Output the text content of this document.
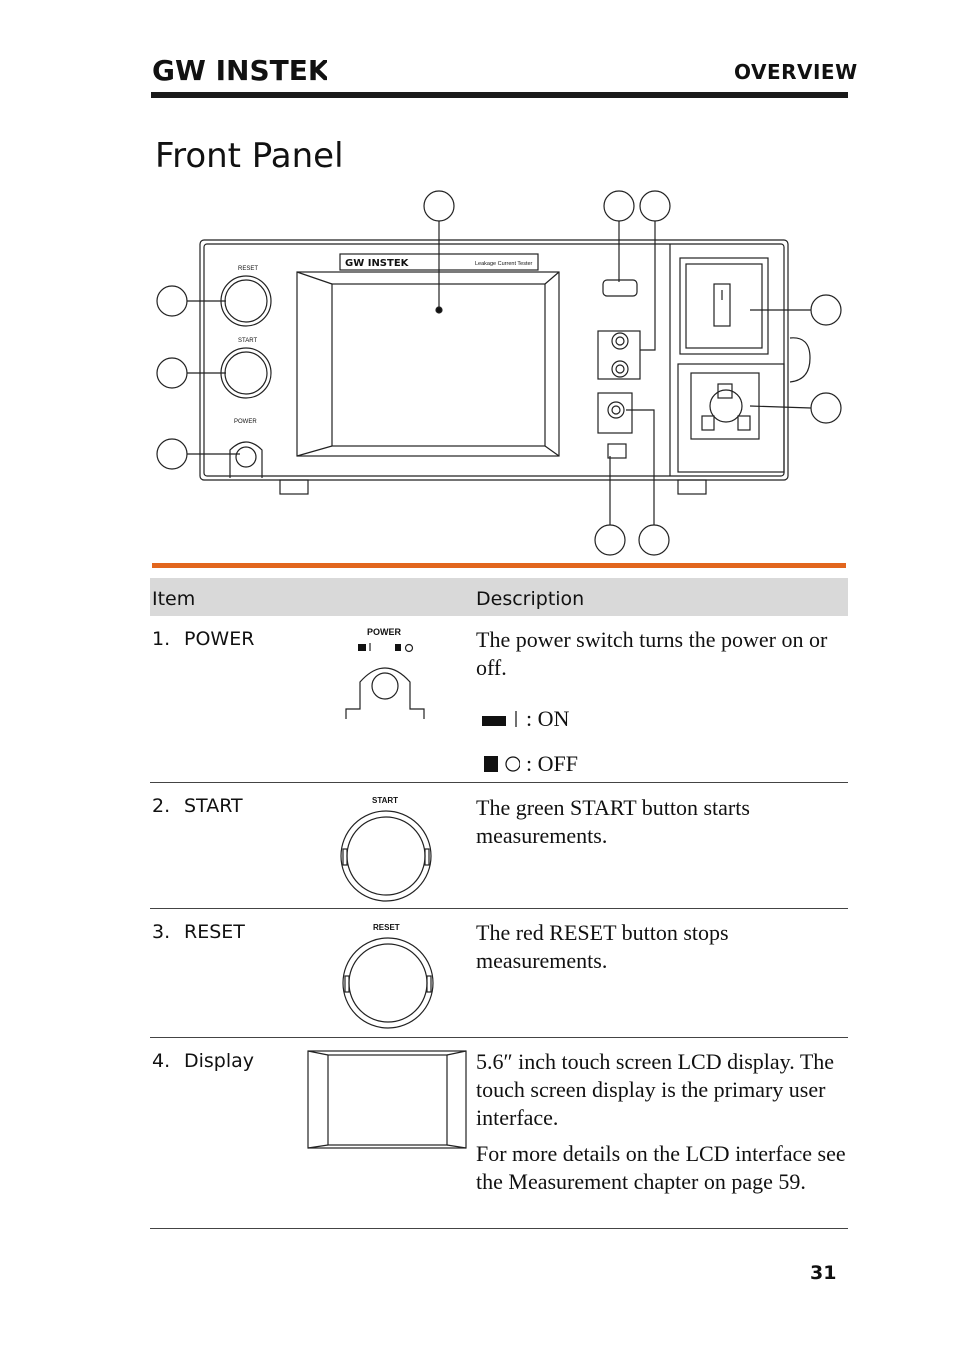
GW INSTEK	OVERVIEW
Front Panel
GW INSTEK	Leakage Current Tester
RESET
START
POWER
Item	Description
1. POWER	POWER	The power switch turns the power on or off.

: ON
: OFF
2. START	START	The green START button starts measurements.

3. RESET	RESET	The red RESET button stops measurements.

4. Display	5.6″ inch touch screen LCD display. The touch screen display is the primary user interface.

For more details on the LCD interface see the Measurement chapter on page 59.

31
